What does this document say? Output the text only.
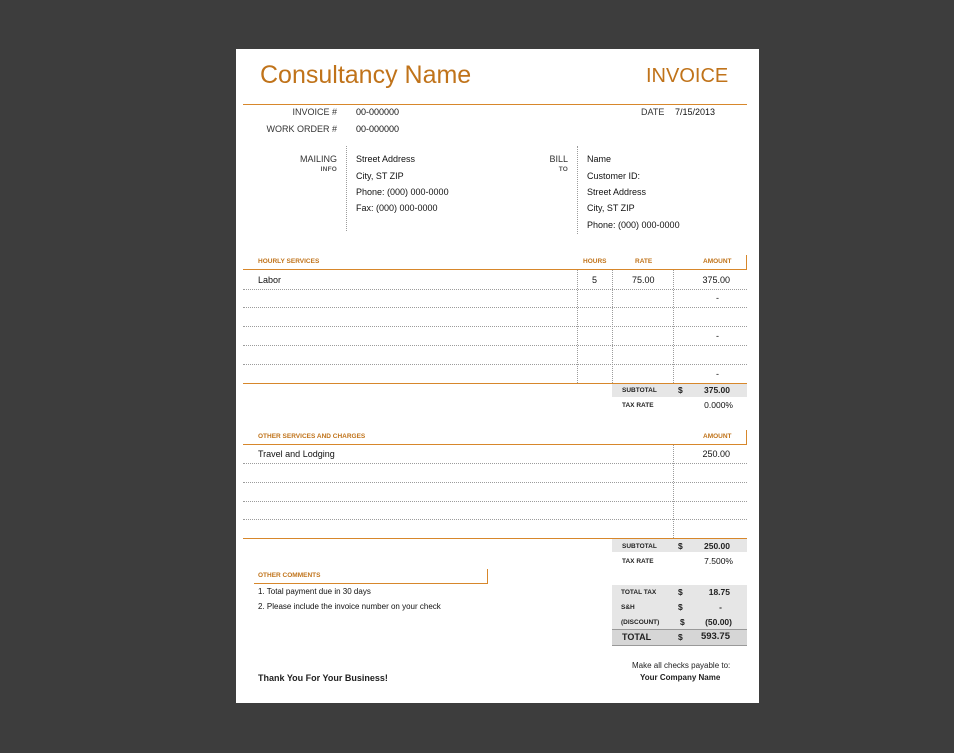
Consultancy Name	INVOICE
INVOICE # 00-000000
WORK ORDER # 00-000000
DATE 7/15/2013
MAILING
INFO
Street Address
City, ST ZIP
Phone: (000) 000-0000
Fax: (000) 000-0000
BILL
TO
Name
Customer ID:
Street Address
City, ST ZIP
Phone: (000) 000-0000
HOURLY SERVICES	HOURS	RATE	AMOUNT
Labor	5	75.00	375.00
-
-
-
SUBTOTAL $	375.00
TAX RATE	0.000%
OTHER SERVICES AND CHARGES	AMOUNT
Travel and Lodging	250.00
SUBTOTAL $	250.00
TAX RATE	7.500%
OTHER COMMENTS
1. Total payment due in 30 days
2. Please include the invoice number on your check
TOTAL TAX	$	18.75
S&H	$	-
(DISCOUNT) $ (50.00)
TOTAL	$ 593.75
Thank You For Your Business!
Make all checks payable to:
Your Company Name
